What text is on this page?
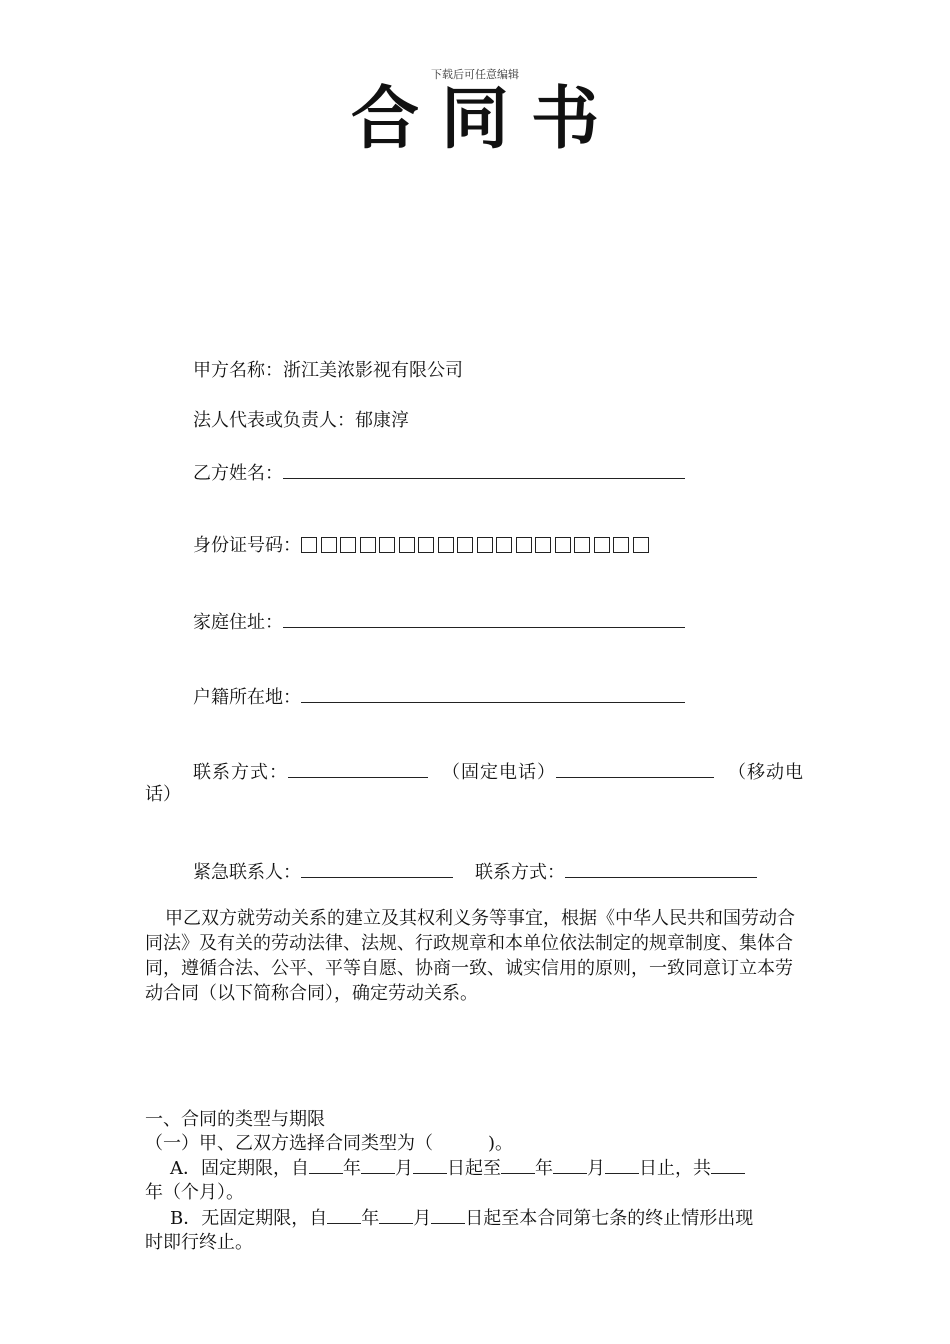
下载后可任意编辑
合同书
甲方名称：浙江美浓影视有限公司
法人代表或负责人：郁康淳
乙方姓名：
身份证号码：
家庭住址：
户籍所在地：
联系方式：	（固定电话）	（移动电
话）
紧急联系人：	联系方式：

甲乙双方就劳动关系的建立及其权利义务等事宜，根据《中华人民共和国劳动合同法》及有关的劳动法律、法规、行政规章和本单位依法制定的规章制度、集体合同，遵循合法、公平、平等自愿、协商一致、诚实信用的原则，一致同意订立本劳动合同（以下简称合同），确定劳动关系。

一、合同的类型与期限
（一）甲、乙双方选择合同类型为（	)。
A．固定期限，自 年 月 日起至 年 月 日止，共
年（个月）。
B．无固定期限，自 年 月 日起至本合同第七条的终止情形出现
时即行终止。
